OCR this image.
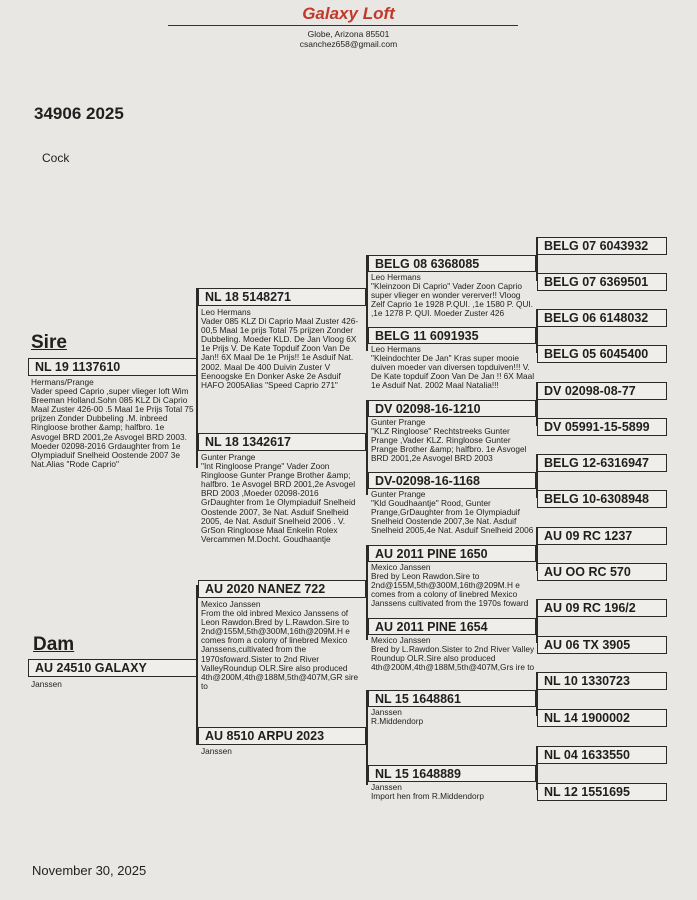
Galaxy Loft
Globe, Arizona 85501
csanchez658@gmail.com
34906 2025
Cock
Sire
NL 19 1137610
Hermans/Prange
Vader speed Caprio ,super vlieger loft Wim Breeman Holland.Sohn 085 KLZ Di Caprio Maal Zuster 426-00 .5 Maal 1e Prijs Total 75 prijzen Zonder Dubbeling .M. inbreed Ringloose brother &amp; halfbro. 1e Asvogel BRD 2001,2e Asvogel BRD 2003. Moeder 02098-2016 Grdaughter from 1e Olympiaduif Snelheid Oostende 2007 3e Nat.Alias "Rode Caprio"
Dam
AU 24510 GALAXY
Janssen
NL 18 5148271
Leo Hermans
Vader 085 KLZ Di Caprio Maal Zuster 426-00,5 Maal 1e prijs Total 75 prijzen Zonder Dubbeling. Moeder KLD. De Jan Vloog 6X 1e Prijs V. De Kate Topduif Zoon Van De Jan!! 6X Maal De 1e Prijs!! 1e Asduif Nat. 2002. Maal De 400 Duivin Zuster V Eenoogske En Donker Aske 2e Asduif HAFO 2005Alias "Speed Caprio 271"
NL 18 1342617
Gunter Prange
"Int Ringloose Prange" Vader Zoon Ringloose Gunter Prange Brother &amp; halfbro. 1e Asvogel BRD 2001,2e Asvogel BRD 2003 ,Moeder 02098-2016 GrDaughter from 1e Olympiaduif Snelheid Oostende 2007, 3e Nat. Asduif Snelheid 2005, 4e Nat. Asduif Snelheid 2006 . V. GrSon Ringloose Maal Enkelin Rolex Vercammen M.Docht. Goudhaantje
AU 2020 NANEZ 722
Mexico Janssen
From the old inbred Mexico Janssens of Leon Rawdon.Bred by L.Rawdon.Sire to 2nd@155M,5th@300M,16th@209M.H e comes from a colony of linebred Mexico Janssens,cultivated from the 1970sfoward.Sister to 2nd River ValleyRoundup OLR.Sire also produced 4th@200M,4th@188M,5th@407M,GR sire to
AU 8510 ARPU 2023
Janssen
BELG 08 6368085
Leo Hermans
"Kleinzoon Di Caprio" Vader Zoon Caprio super vlieger en wonder vererver!! Vloog Zelf Caprio 1e 1928 P.QUI. ,1e 1580 P. QUI. ,1e 1278 P. QUI. Moeder Zuster 426
BELG 11 6091935
Leo Hermans
"Kleindochter De Jan" Kras super mooie duiven moeder van diversen topduiven!!! V. De Kate topduif Zoon Van De Jan !! 6X Maal 1e Asduif Nat. 2002 Maal Natalia!!!
DV 02098-16-1210
Gunter Prange
"KLZ Ringloose" Rechtstreeks Gunter Prange ,Vader KLZ. Ringloose Gunter Prange Brother &amp; halfbro. 1e Asvogel BRD 2001,2e Asvogel BRD 2003
DV-02098-16-1168
Gunter Prange
"Kld Goudhaantje" Rood, Gunter Prange,GrDaughter from 1e Olympiaduif Snelheid Oostende 2007,3e Nat. Asduif Snelheid 2005,4e Nat. Asduif Snelheid 2006
AU 2011 PINE 1650
Mexico Janssen
Bred by Leon Rawdon.Sire to 2nd@155M,5th@300M,16th@209M.H e comes from a colony of linebred Mexico Janssens cultivated from the 1970s foward
AU 2011 PINE 1654
Mexico Janssen
Bred by L.Rawdon.Sister to 2nd River Valley Roundup OLR.Sire also produced 4th@200M,4th@188M,5th@407M,Grs ire to
NL 15 1648861
Janssen
R.Middendorp
NL 15 1648889
Janssen
Import hen from R.Middendorp
BELG 07 6043932
BELG 07 6369501
BELG 06 6148032
BELG 05 6045400
DV 02098-08-77
DV 05991-15-5899
BELG 12-6316947
BELG 10-6308948
AU 09 RC 1237
AU OO RC 570
AU 09 RC 196/2
AU 06 TX 3905
NL 10 1330723
NL 14 1900002
NL 04 1633550
NL 12 1551695
November 30, 2025
